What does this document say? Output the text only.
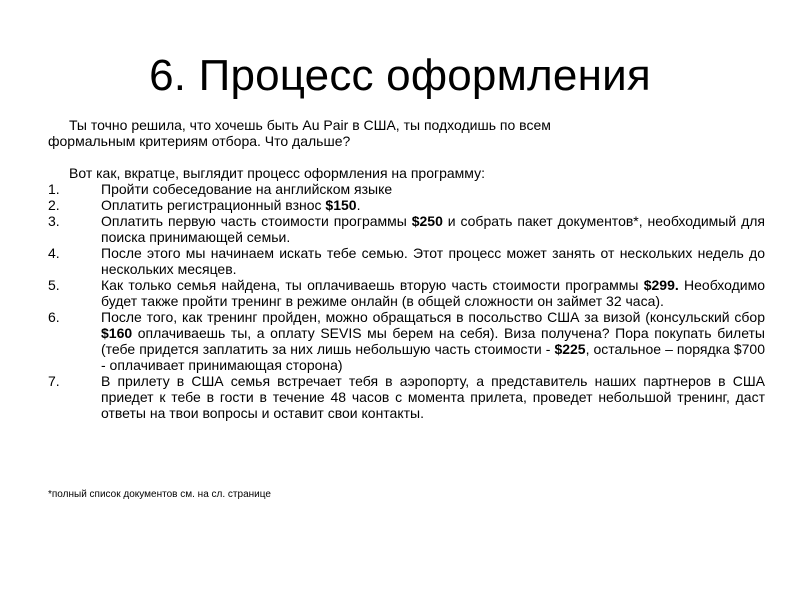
6. Процесс оформления

Ты точно решила, что хочешь быть Au Pair в США, ты подходишь по всем

формальным критериям отбора. Что дальше?

Вот как, вкратце, выглядит процесс оформления на программу:

1.	Пройти собеседование на английском языке
2.	Оплатить регистрационный взнос $150.
3.	Оплатить первую часть стоимости программы $250 и собрать пакет документов*, необходимый для поиска принимающей семьи.
4.	После этого мы начинаем искать тебе семью. Этот процесс может занять от нескольких недель до нескольких месяцев.
5.	Как только семья найдена, ты оплачиваешь вторую часть стоимости программы $299. Необходимо будет также пройти тренинг в режиме онлайн (в общей сложности он займет 32 часа).
6.	После того, как тренинг пройден, можно обращаться в посольство США за визой (консульский сбор $160 оплачиваешь ты, а оплату SEVIS мы берем на себя). Виза получена? Пора покупать билеты (тебе придется заплатить за них лишь небольшую часть стоимости - $225, остальное – порядка $700 - оплачивает принимающая сторона)
7.	В прилету в США семья встречает тебя в аэропорту, а представитель наших партнеров в США приедет к тебе в гости в течение 48 часов с момента прилета, проведет небольшой тренинг, даст ответы на твои вопросы и оставит свои контакты.
*полный список документов см. на сл. странице
